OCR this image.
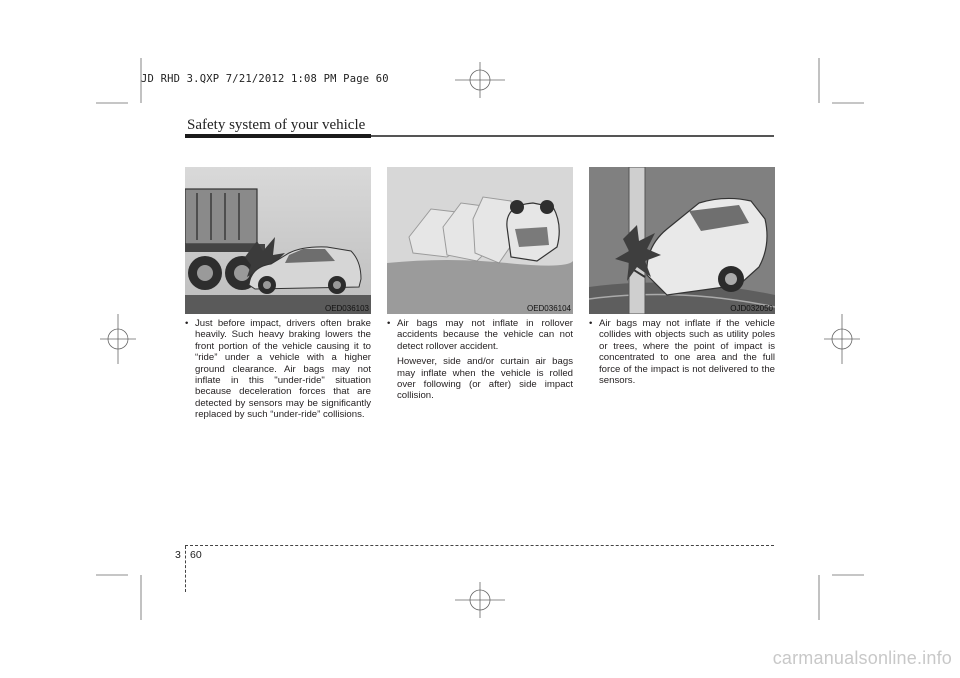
JD RHD 3.QXP 7/21/2012 1:08 PM Page 60
Safety system of your vehicle
OED036103	OED036104	OJD032050
• Just before impact, drivers often brake heavily. Such heavy braking lowers the front portion of the vehicle causing it to “ride” under a vehicle with a higher ground clearance. Air bags may not inflate in this "under-ride" situation because deceleration forces that are detected by sensors may be significantly replaced by such “under-ride” collisions.
• Air bags may not inflate in rollover accidents because the vehicle can not detect rollover accident.
However, side and/or curtain air bags may inflate when the vehicle is rolled over following (or after) side impact collision.
• Air bags may not inflate if the vehicle collides with objects such as utility poles or trees, where the point of impact is concentrated to one area and the full force of the impact is not delivered to the sensors.
3 60
carmanualsonline.info
